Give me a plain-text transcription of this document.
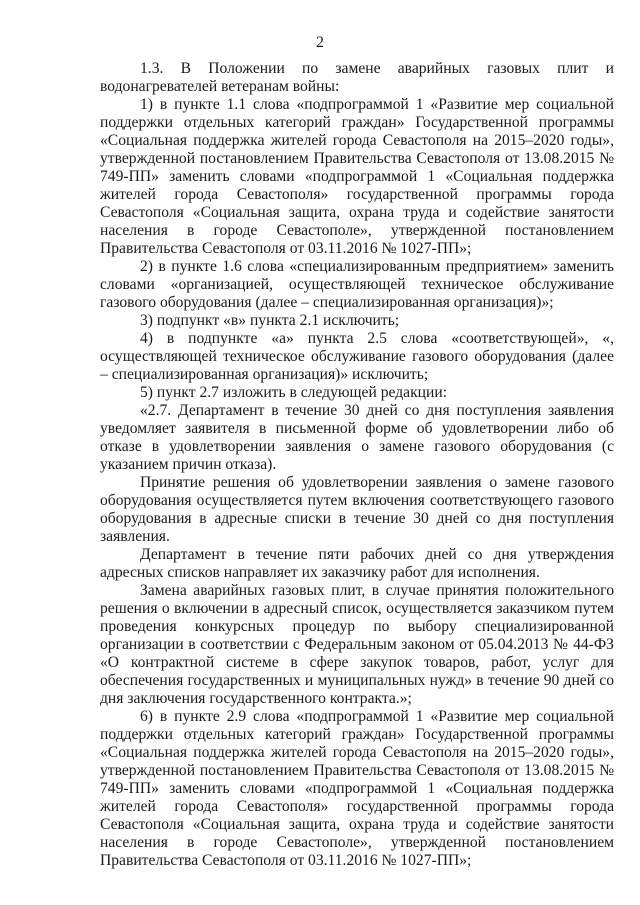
2

1.3. В Положении по замене аварийных газовых плит и водонагревателей ветеранам войны:

1) в пункте 1.1 слова «подпрограммой 1 «Развитие мер социальной поддержки отдельных категорий граждан» Государственной программы «Социальная поддержка жителей города Севастополя на 2015–2020 годы», утвержденной постановлением Правительства Севастополя от 13.08.2015 № 749-ПП» заменить словами «подпрограммой 1 «Социальная поддержка жителей города Севастополя» государственной программы города Севастополя «Социальная защита, охрана труда и содействие занятости населения в городе Севастополе», утвержденной постановлением Правительства Севастополя от 03.11.2016 № 1027-ПП»;

2) в пункте 1.6 слова «специализированным предприятием» заменить словами «организацией, осуществляющей техническое обслуживание газового оборудования (далее – специализированная организация)»;

3) подпункт «в» пункта 2.1 исключить;

4) в подпункте «а» пункта 2.5 слова «соответствующей», «, осуществляющей техническое обслуживание газового оборудования (далее – специализированная организация)» исключить;

5) пункт 2.7 изложить в следующей редакции:

«2.7. Департамент в течение 30 дней со дня поступления заявления уведомляет заявителя в письменной форме об удовлетворении либо об отказе в удовлетворении заявления о замене газового оборудования (с указанием причин отказа).

Принятие решения об удовлетворении заявления о замене газового оборудования осуществляется путем включения соответствующего газового оборудования в адресные списки в течение 30 дней со дня поступления заявления.

Департамент в течение пяти рабочих дней со дня утверждения адресных списков направляет их заказчику работ для исполнения.

Замена аварийных газовых плит, в случае принятия положительного решения о включении в адресный список, осуществляется заказчиком путем проведения конкурсных процедур по выбору специализированной организации в соответствии с Федеральным законом от 05.04.2013 № 44-ФЗ «О контрактной системе в сфере закупок товаров, работ, услуг для обеспечения государственных и муниципальных нужд» в течение 90 дней со дня заключения государственного контракта.»;

6) в пункте 2.9 слова «подпрограммой 1 «Развитие мер социальной поддержки отдельных категорий граждан» Государственной программы «Социальная поддержка жителей города Севастополя на 2015–2020 годы», утвержденной постановлением Правительства Севастополя от 13.08.2015 № 749-ПП» заменить словами «подпрограммой 1 «Социальная поддержка жителей города Севастополя» государственной программы города Севастополя «Социальная защита, охрана труда и содействие занятости населения в городе Севастополе», утвержденной постановлением Правительства Севастополя от 03.11.2016 № 1027-ПП»;
